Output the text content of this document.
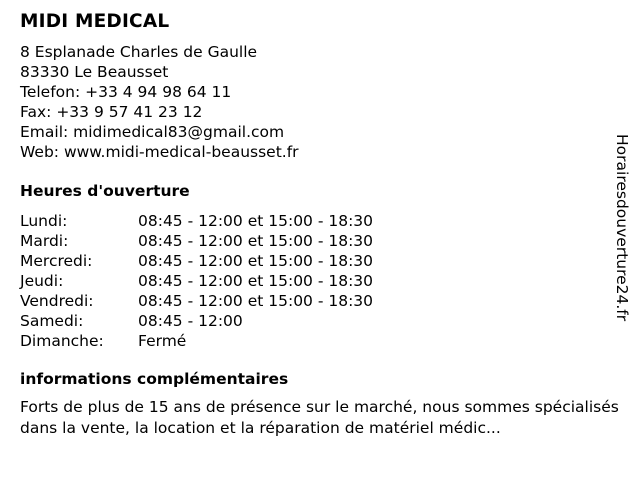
MIDI MEDICAL
8 Esplanade Charles de Gaulle
83330 Le Beausset
Telefon: +33 4 94 98 64 11
Fax: +33 9 57 41 23 12
Email: midimedical83@gmail.com
Web: www.midi-medical-beausset.fr
Heures d'ouverture
Lundi:	08:45 - 12:00 et 15:00 - 18:30
Mardi:	08:45 - 12:00 et 15:00 - 18:30
Mercredi:	08:45 - 12:00 et 15:00 - 18:30
Jeudi:	08:45 - 12:00 et 15:00 - 18:30
Vendredi:	08:45 - 12:00 et 15:00 - 18:30
Samedi:	08:45 - 12:00
Dimanche:	Fermé
informations complémentaires
Forts de plus de 15 ans de présence sur le marché, nous sommes spécialisés dans la vente, la location et la réparation de matériel médic...
Horairesdouverture24.fr
